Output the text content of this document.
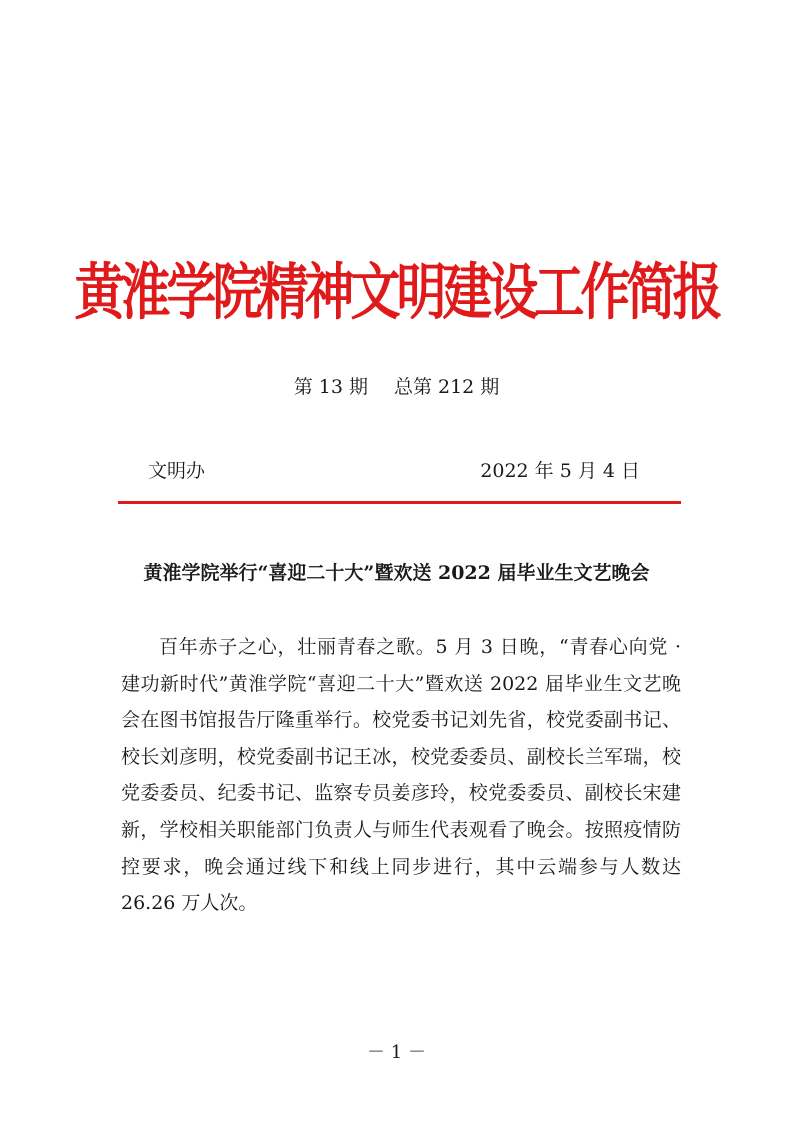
黄淮学院精神文明建设工作简报
第 13 期 总第 212 期
文明办	2022 年 5 月 4 日
黄淮学院举行“喜迎二十大”暨欢送 2022 届毕业生文艺晚会

百年赤子之心，壮丽青春之歌。5 月 3 日晚，“青春心向党 · 建功新时代”黄淮学院“喜迎二十大”暨欢送 2022 届毕业生文艺晚会在图书馆报告厅隆重举行。校党委书记刘先省，校党委副书记、校长刘彦明，校党委副书记王冰，校党委委员、副校长兰军瑞，校党委委员、纪委书记、监察专员姜彦玲，校党委委员、副校长宋建新，学校相关职能部门负责人与师生代表观看了晚会。按照疫情防控要求，晚会通过线下和线上同步进行，其中云端参与人数达 26.26 万人次。

－ 1 －
